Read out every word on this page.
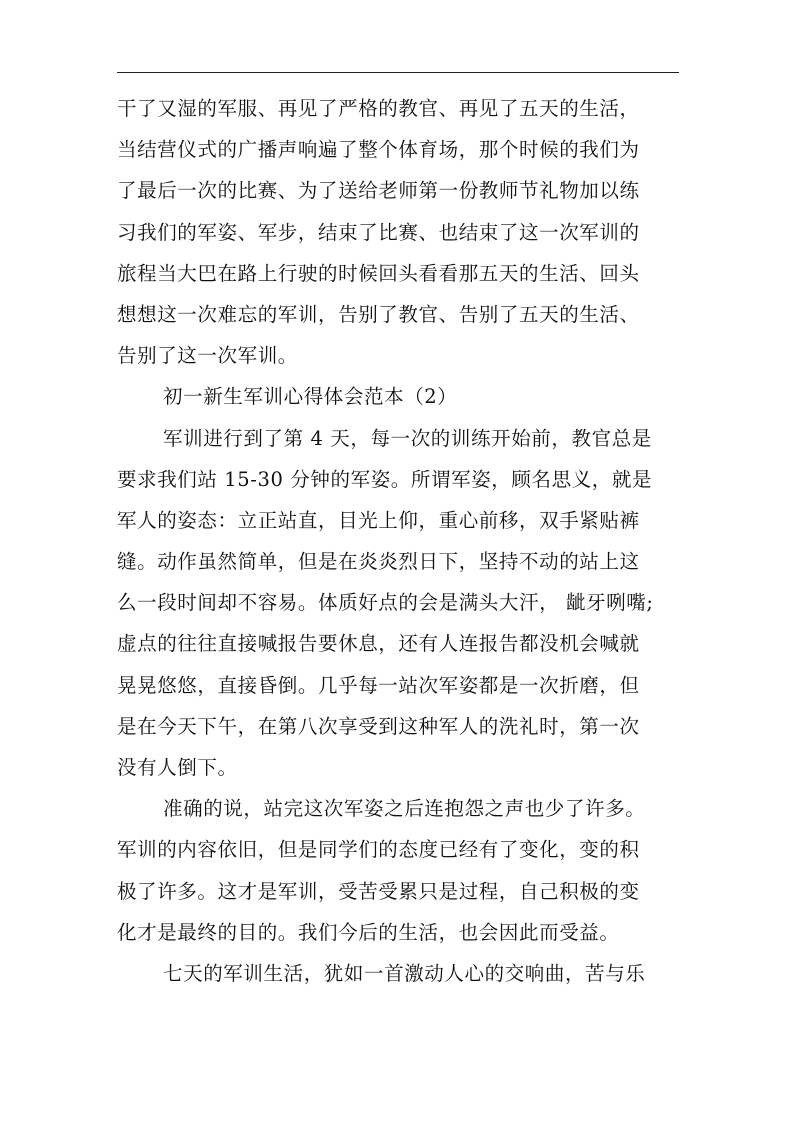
干了又湿的军服、再见了严格的教官、再见了五天的生活，
当结营仪式的广播声响遍了整个体育场，那个时候的我们为
了最后一次的比赛、为了送给老师第一份教师节礼物加以练
习我们的军姿、军步，结束了比赛、也结束了这一次军训的
旅程当大巴在路上行驶的时候回头看看那五天的生活、回头
想想这一次难忘的军训，告别了教官、告别了五天的生活、
告别了这一次军训。
初一新生军训心得体会范本（2）
军训进行到了第 4 天，每一次的训练开始前，教官总是
要求我们站 15-30 分钟的军姿。所谓军姿，顾名思义，就是
军人的姿态：立正站直，目光上仰，重心前移，双手紧贴裤
缝。动作虽然简单，但是在炎炎烈日下，坚持不动的站上这
么一段时间却不容易。体质好点的会是满头大汗， 龇牙咧嘴;
虚点的往往直接喊报告要休息，还有人连报告都没机会喊就
晃晃悠悠，直接昏倒。几乎每一站次军姿都是一次折磨，但
是在今天下午，在第八次享受到这种军人的洗礼时，第一次
没有人倒下。
准确的说，站完这次军姿之后连抱怨之声也少了许多。
军训的内容依旧，但是同学们的态度已经有了变化，变的积
极了许多。这才是军训，受苦受累只是过程，自己积极的变
化才是最终的目的。我们今后的生活，也会因此而受益。
七天的军训生活，犹如一首激动人心的交响曲，苦与乐
